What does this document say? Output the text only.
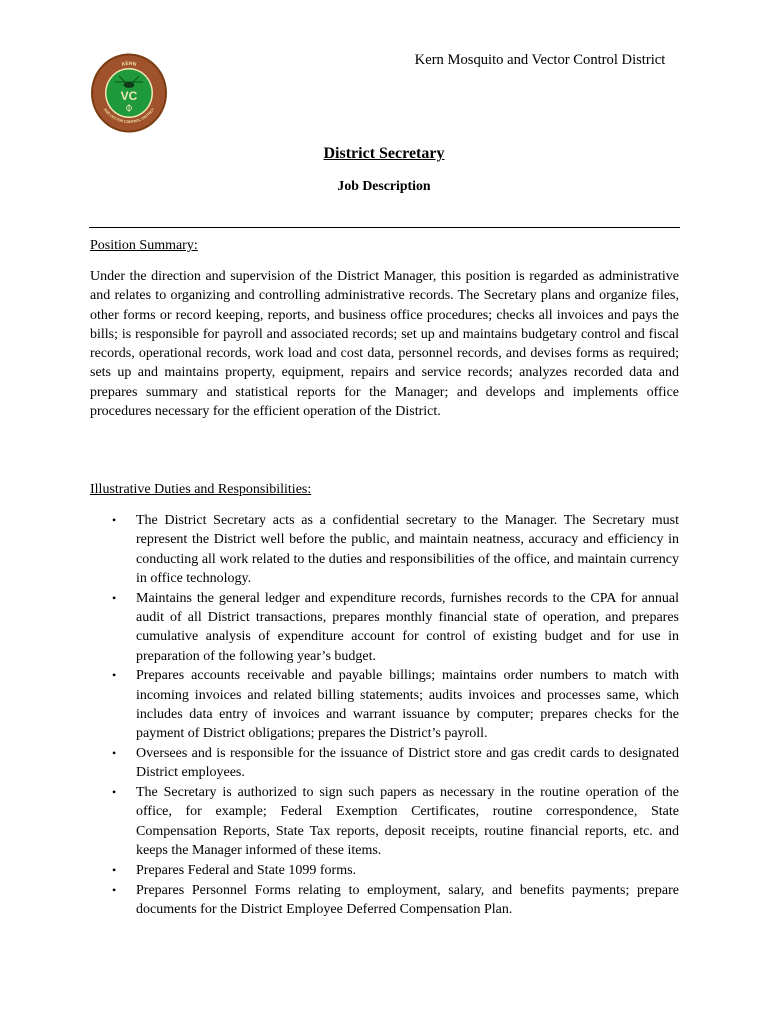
KERN
AND VECTOR CONTROL DISTRICT
VC
Kern Mosquito and Vector Control District
District Secretary
Job Description
Position Summary:

Under the direction and supervision of the District Manager, this position is regarded as administrative and relates to organizing and controlling administrative records. The Secretary plans and organize files, other forms or record keeping, reports, and business office procedures; checks all invoices and pays the bills; is responsible for payroll and associated records; set up and maintains budgetary control and fiscal records, operational records, work load and cost data, personnel records, and devises forms as required; sets up and maintains property, equipment, repairs and service records; analyzes recorded data and prepares summary and statistical reports for the Manager; and develops and implements office procedures necessary for the efficient operation of the District.

Illustrative Duties and Responsibilities:
• The District Secretary acts as a confidential secretary to the Manager. The Secretary must represent the District well before the public, and maintain neatness, accuracy and efficiency in conducting all work related to the duties and responsibilities of the office, and maintain currency in office technology.
• Maintains the general ledger and expenditure records, furnishes records to the CPA for annual audit of all District transactions, prepares monthly financial state of operation, and prepares cumulative analysis of expenditure account for control of existing budget and for use in preparation of the following year’s budget.
• Prepares accounts receivable and payable billings; maintains order numbers to match with incoming invoices and related billing statements; audits invoices and processes same, which includes data entry of invoices and warrant issuance by computer; prepares checks for the payment of District obligations; prepares the District’s payroll.
• Oversees and is responsible for the issuance of District store and gas credit cards to designated District employees.
• The Secretary is authorized to sign such papers as necessary in the routine operation of the office, for example; Federal Exemption Certificates, routine correspondence, State Compensation Reports, State Tax reports, deposit receipts, routine financial reports, etc. and keeps the Manager informed of these items.
• Prepares Federal and State 1099 forms.
• Prepares Personnel Forms relating to employment, salary, and benefits payments; prepare documents for the District Employee Deferred Compensation Plan.
